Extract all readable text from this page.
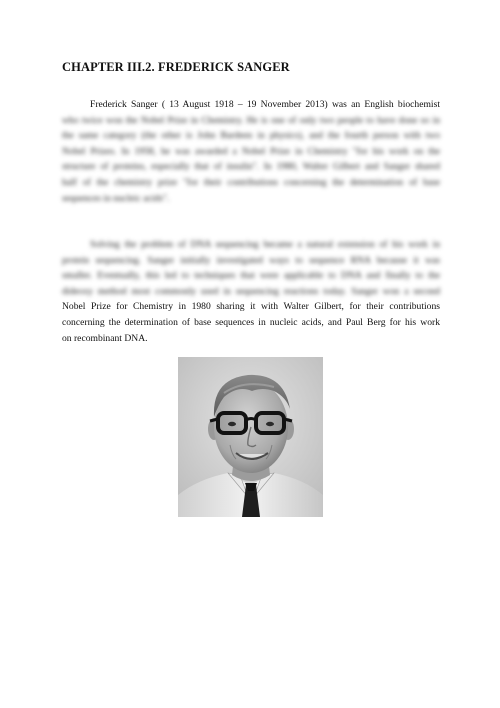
CHAPTER III.2. FREDERICK SANGER
Frederick Sanger ( 13 August 1918 – 19 November 2013) was an English biochemist
who twice won the Nobel Prize in Chemistry. He is one of only two people to have done so in
the same category (the other is John Bardeen in physics), and the fourth person with two
Nobel Prizes. In 1958, he was awarded a Nobel Prize in Chemistry "for his work on the
structure of proteins, especially that of insulin". In 1980, Walter Gilbert and Sanger shared
half of the chemistry prize "for their contributions concerning the determination of base
sequences in nucleic acids".
Solving the problem of DNA sequencing became a natural extension of his work in
protein sequencing. Sanger initially investigated ways to sequence RNA because it was
smaller. Eventually, this led to techniques that were applicable to DNA and finally to the
dideoxy method most commonly used in sequencing reactions today. Sanger won a second
Nobel Prize for Chemistry in 1980 sharing it with Walter Gilbert, for their contributions
concerning the determination of base sequences in nucleic acids, and Paul Berg for his work
on recombinant DNA.
